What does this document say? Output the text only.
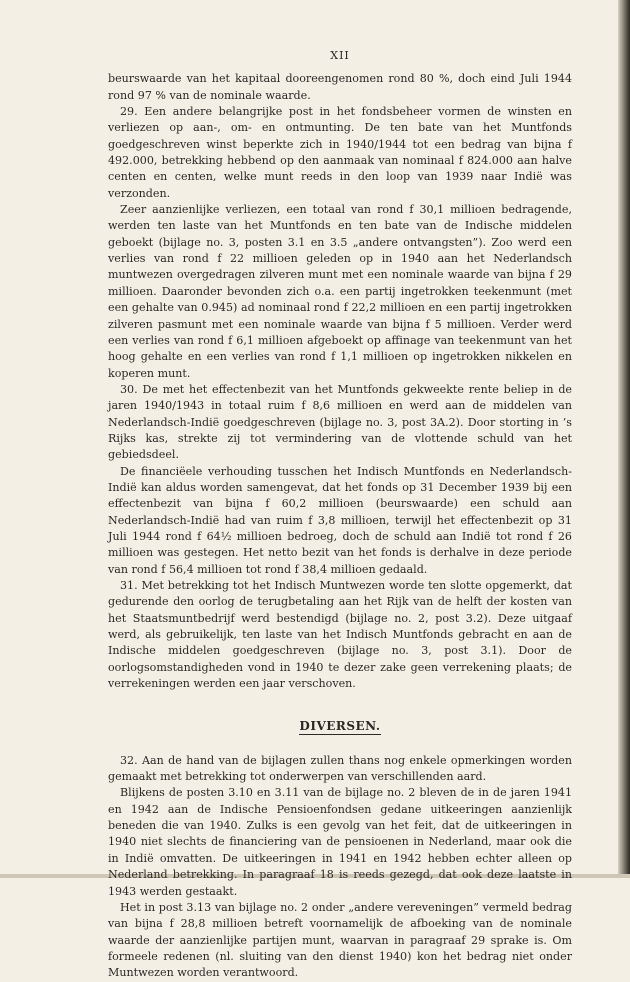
XII

beurswaarde van het kapitaal dooreengenomen rond 80 %, doch eind Juli 1944 rond 97 % van de nominale waarde.

29. Een andere belangrijke post in het fondsbeheer vormen de winsten en verliezen op aan-, om- en ontmunting. De ten bate van het Muntfonds goedgeschreven winst beperkte zich in 1940/1944 tot een bedrag van bijna f 492.000, betrekking hebbend op den aanmaak van nominaal f 824.000 aan halve centen en centen, welke munt reeds in den loop van 1939 naar Indië was verzonden.

Zeer aanzienlijke verliezen, een totaal van rond f 30,1 millioen bedragende, werden ten laste van het Muntfonds en ten bate van de Indische middelen geboekt (bijlage no. 3, posten 3.1 en 3.5 „andere ontvangsten”). Zoo werd een verlies van rond f 22 millioen geleden op in 1940 aan het Nederlandsch muntwezen overgedragen zilveren munt met een nominale waarde van bijna f 29 millioen. Daaronder bevonden zich o.a. een partij ingetrokken teekenmunt (met een gehalte van 0.945) ad nominaal rond f 22,2 millioen en een partij ingetrokken zilveren pasmunt met een nominale waarde van bijna f 5 millioen. Verder werd een verlies van rond f 6,1 millioen afgeboekt op affinage van teekenmunt van het hoog gehalte en een verlies van rond f 1,1 millioen op ingetrokken nikkelen en koperen munt.

30. De met het effectenbezit van het Muntfonds gekweekte rente beliep in de jaren 1940/1943 in totaal ruim f 8,6 millioen en werd aan de middelen van Nederlandsch-Indië goedgeschreven (bijlage no. 3, post 3A.2). Door storting in ’s Rijks kas, strekte zij tot vermindering van de vlottende schuld van het gebiedsdeel.

De financiëele verhouding tusschen het Indisch Muntfonds en Nederlandsch-Indië kan aldus worden samengevat, dat het fonds op 31 December 1939 bij een effectenbezit van bijna f 60,2 millioen (beurswaarde) een schuld aan Nederlandsch-Indië had van ruim f 3,8 millioen, terwijl het effectenbezit op 31 Juli 1944 rond f 64½ millioen bedroeg, doch de schuld aan Indië tot rond f 26 millioen was gestegen. Het netto bezit van het fonds is derhalve in deze periode van rond f 56,4 millioen tot rond f 38,4 millioen gedaald.

31. Met betrekking tot het Indisch Muntwezen worde ten slotte opgemerkt, dat gedurende den oorlog de terugbetaling aan het Rijk van de helft der kosten van het Staatsmuntbedrijf werd bestendigd (bijlage no. 2, post 3.2). Deze uitgaaf werd, als gebruikelijk, ten laste van het Indisch Muntfonds gebracht en aan de Indische middelen goedgeschreven (bijlage no. 3, post 3.1). Door de oorlogsomstandigheden vond in 1940 te dezer zake geen verrekening plaats; de verrekeningen werden een jaar verschoven.

DIVERSEN.

32. Aan de hand van de bijlagen zullen thans nog enkele opmerkingen worden gemaakt met betrekking tot onderwerpen van verschillenden aard.

Blijkens de posten 3.10 en 3.11 van de bijlage no. 2 bleven de in de jaren 1941 en 1942 aan de Indische Pensioenfondsen gedane uitkeeringen aanzienlijk beneden die van 1940. Zulks is een gevolg van het feit, dat de uitkeeringen in 1940 niet slechts de financiering van de pensioenen in Nederland, maar ook die in Indië omvatten. De uitkeeringen in 1941 en 1942 hebben echter alleen op Nederland betrekking. In paragraaf 18 is reeds gezegd, dat ook deze laatste in 1943 werden gestaakt.

Het in post 3.13 van bijlage no. 2 onder „andere vereveningen” vermeld bedrag van bijna f 28,8 millioen betreft voornamelijk de afboeking van de nominale waarde der aanzienlijke partijen munt, waarvan in paragraaf 29 sprake is. Om formeele redenen (nl. sluiting van den dienst 1940) kon het bedrag niet onder Muntwezen worden verantwoord.
